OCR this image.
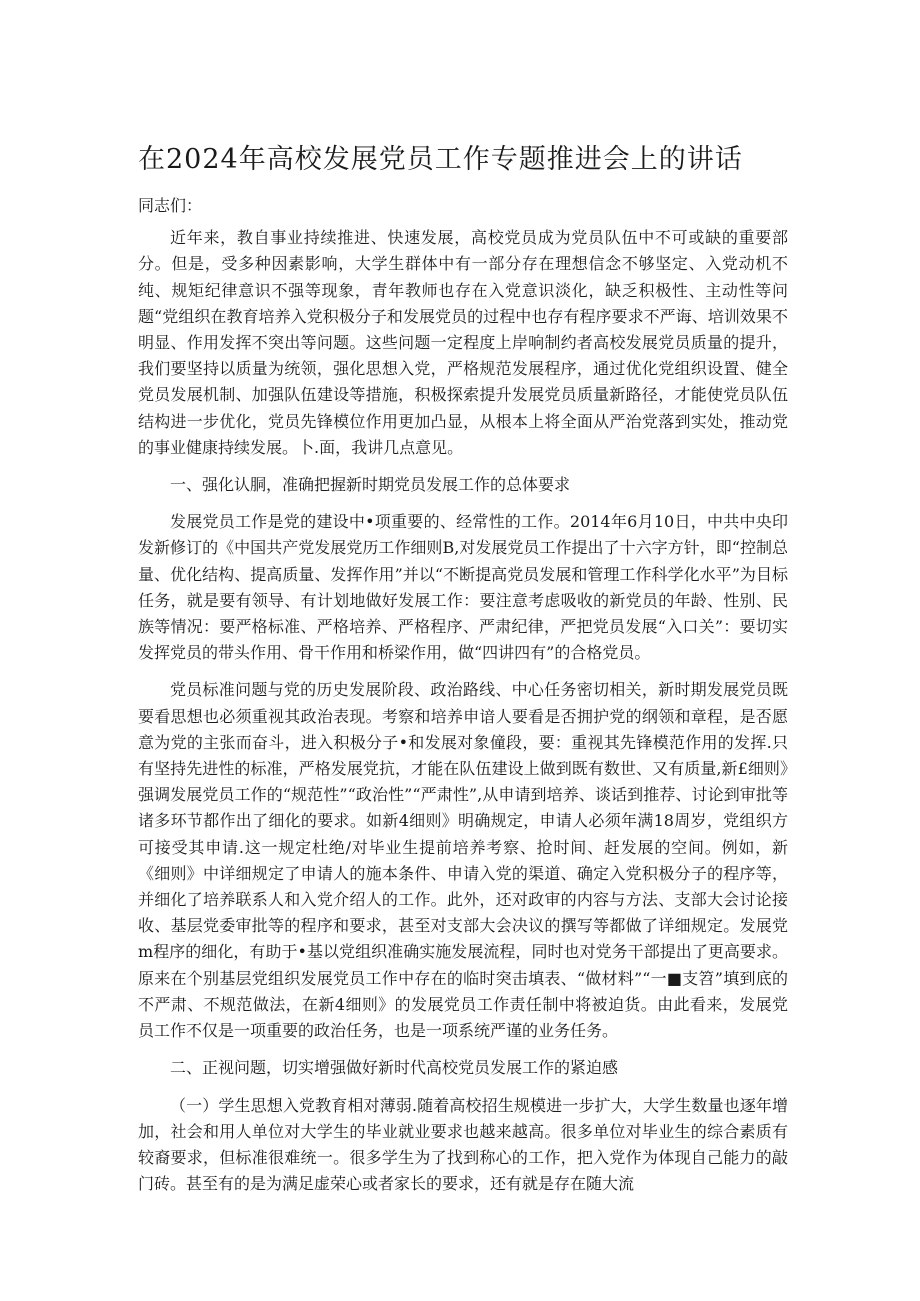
在2024年高校发展党员工作专题推进会上的讲话

同志们：

近年来，教自事业持续推进、快速发展，高校党员成为党员队伍中不可或缺的重要部分。但是，受多种因素影响，大学生群体中有一部分存在理想信念不够坚定、入党动机不纯、规矩纪律意识不强等现象，青年教师也存在入党意识淡化，缺乏积极性、主动性等问题“党组织在教育培养入党积极分子和发展党员的过程中也存有程序要求不严诲、培训效果不明显、作用发挥不突出等问题。这些问题一定程度上岸响制约者高校发展党员质量的提升，我们要坚持以质量为统领，强化思想入党，严格规范发展程序，通过优化党组织设置、健全党员发展机制、加强队伍建设等措施，积极探索提升发展党员质量新路径，才能使党员队伍结构进一步优化，党员先锋模位作用更加凸显，从根本上将全面从严治党落到实处，推动党的事业健康持续发展。卜.面，我讲几点意见。

一、强化认胴，准确把握新时期党员发展工作的总体要求

发展党员工作是党的建设中•项重要的、经常性的工作。2014年6月10日，中共中央印发新修订的《中国共产党发展党历工作细则B,对发展党员工作提出了十六字方针，即“控制总量、优化结构、提高质量、发挥作用”并以“不断提高党员发展和管理工作科学化水平”为目标任务，就是要有领导、有计划地做好发展工作：要注意考虑吸收的新党员的年龄、性别、民族等情况：要严格标准、严格培养、严格程序、严肃纪律，严把党员发展“入口关”：要切实发挥党员的带头作用、骨干作用和桥梁作用，做“四讲四有”的合格党员。

党员标准问题与党的历史发展阶段、政治路线、中心任务密切相关，新时期发展党员既要看思想也必须重视其政治表现。考察和培养申谙人要看是否拥护党的纲领和章程，是否愿意为党的主张而奋斗，进入积极分子•和发展对象僮段，要：重视其先锋模范作用的发挥.只有坚持先进性的标准，严格发展党抗，才能在队伍建设上做到既有数世、又有质量,新£细则》强调发展党员工作的“规范性”“政治性”“严肃性”,从申请到培养、谈话到推荐、讨论到审批等诸多环节都作出了细化的要求。如新4细则》明确规定，申请人必须年满18周岁，党组织方可接受其申请.这一规定杜绝/对毕业生提前培养考察、抢时间、赶发展的空间。例如，新《细则》中详细规定了申请人的施本条件、申请入党的渠道、确定入党积极分子的程序等，并细化了培养联系人和入党介绍人的工作。此外，还对政审的内容与方法、支部大会讨论接收、基层党委审批等的程序和要求，甚至对支部大会决议的撰写等都做了详细规定。发展党m程序的细化，有助于•基以党组织准确实施发展流程，同时也对党务干部提出了更高要求。原来在个别基层党组织发展党员工作中存在的临时突击填表、“做材料”“一■支笤”填到底的不严肃、不规范做法，在新4细则》的发展党员工作责任制中将被迫货。由此看来，发展党员工作不仅是一项重要的政治任务，也是一项系统严谨的业务任务。

二、正视问题，切实增强做好新时代高校党员发展工作的紧迫感

（一）学生思想入党教育相对薄弱.随着高校招生规模进一步扩大，大学生数量也逐年增加，社会和用人单位对大学生的毕业就业要求也越来越高。很多单位对毕业生的综合素质有较裔要求，但标准很难统一。很多学生为了找到称心的工作，把入党作为体现自己能力的敲门砖。甚至有的是为满足虚荣心或者家长的要求，还有就是存在随大流
